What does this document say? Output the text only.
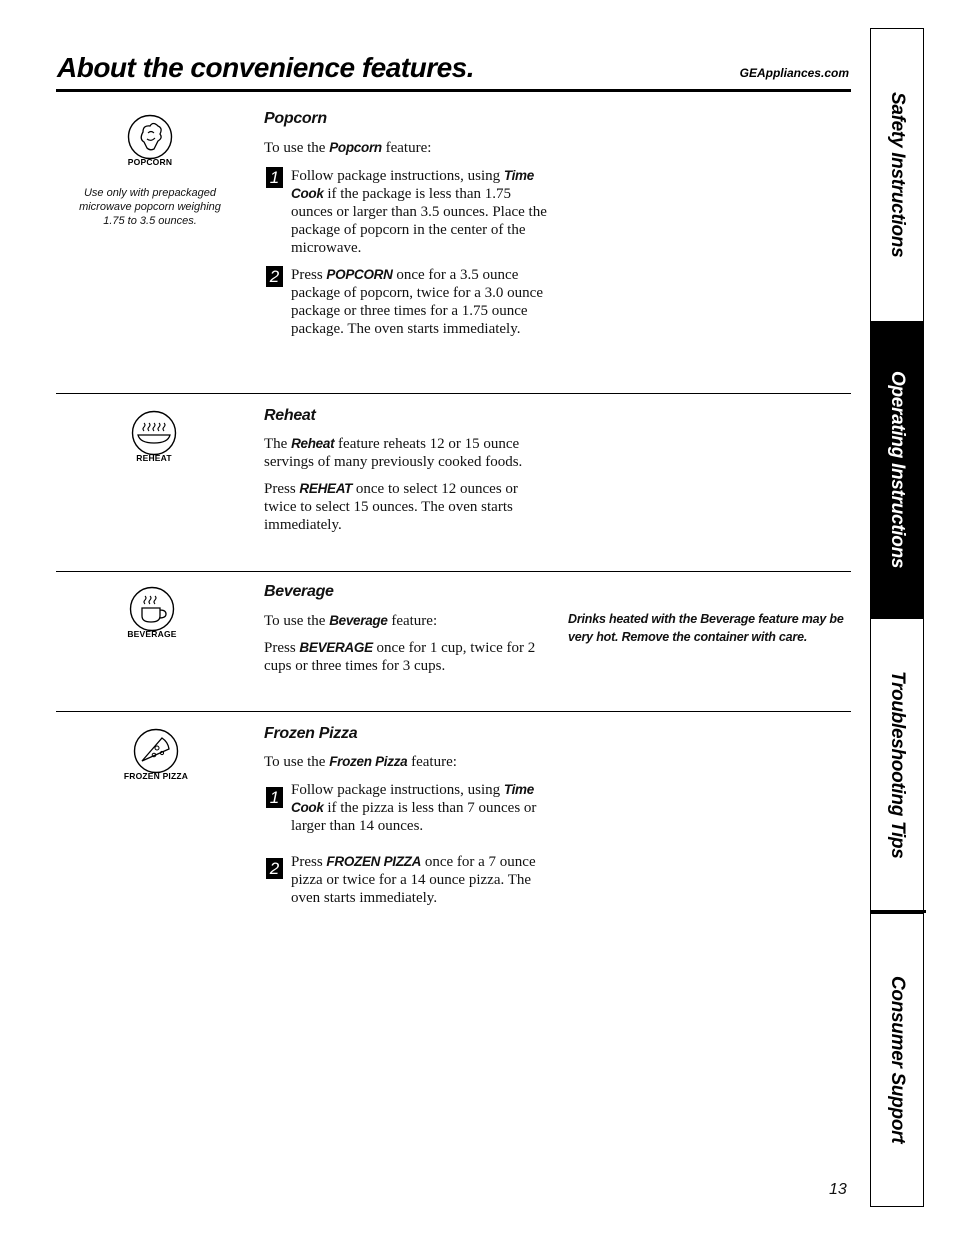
About the convenience features.	GEAppliances.com
POPCORN
Use only with prepackaged microwave popcorn weighing 1.75 to 3.5 ounces.
Popcorn
To use the Popcorn feature:
1 Follow package instructions, using Time Cook if the package is less than 1.75 ounces or larger than 3.5 ounces. Place the package of popcorn in the center of the microwave.
2 Press POPCORN once for a 3.5 ounce package of popcorn, twice for a 3.0 ounce package or three times for a 1.75 ounce package. The oven starts immediately.
REHEAT
Reheat
The Reheat feature reheats 12 or 15 ounce servings of many previously cooked foods.
Press REHEAT once to select 12 ounces or twice to select 15 ounces. The oven starts immediately.
BEVERAGE
Beverage
To use the Beverage feature:
Press BEVERAGE once for 1 cup, twice for 2 cups or three times for 3 cups.
Drinks heated with the Beverage feature may be very hot. Remove the container with care.
FROZEN PIZZA
Frozen Pizza
To use the Frozen Pizza feature:
1 Follow package instructions, using Time Cook if the pizza is less than 7 ounces or larger than 14 ounces.
2 Press FROZEN PIZZA once for a 7 ounce pizza or twice for a 14 ounce pizza. The oven starts immediately.
13
Safety Instructions
Operating Instructions
Troubleshooting Tips
Consumer Support
